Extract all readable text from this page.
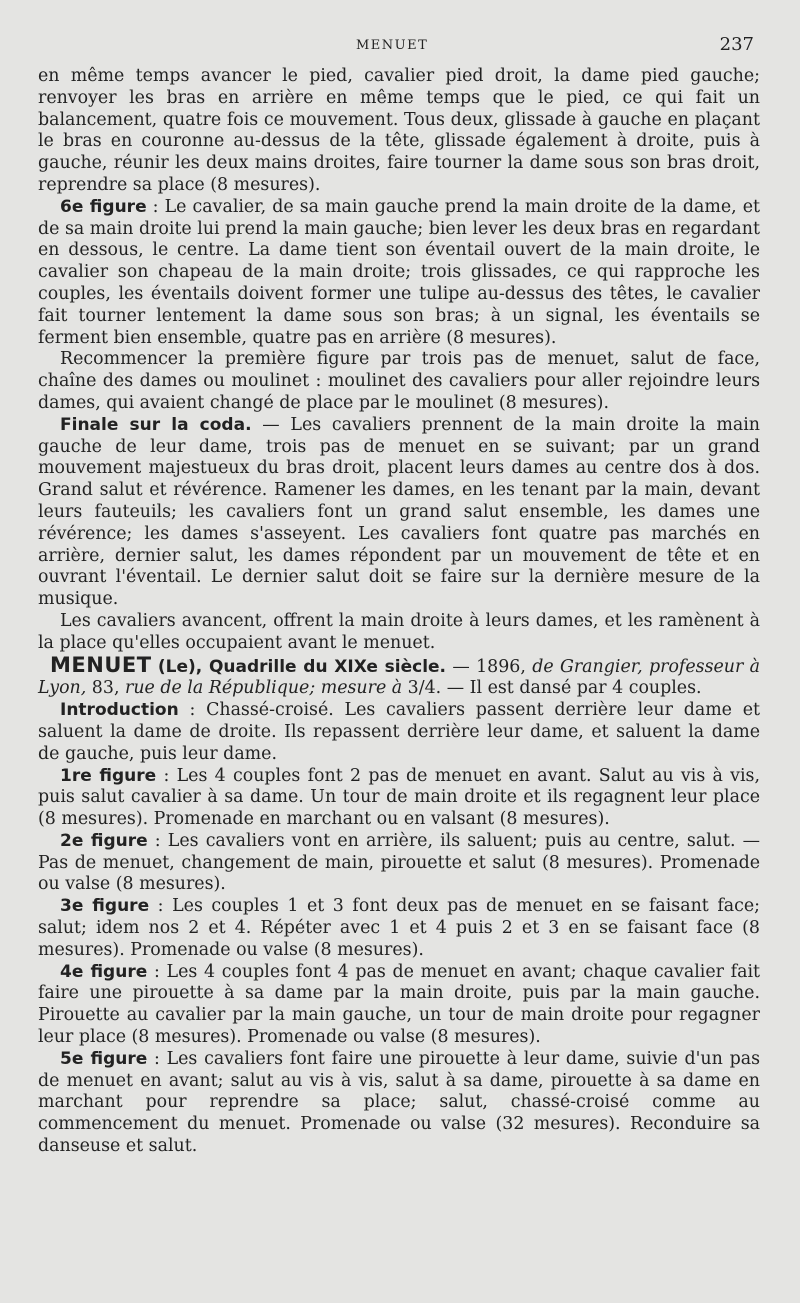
MENUET	237

en même temps avancer le pied, cavalier pied droit, la dame pied gauche; renvoyer les bras en arrière en même temps que le pied, ce qui fait un balancement, quatre fois ce mouvement. Tous deux, glissade à gauche en plaçant le bras en couronne au-dessus de la tête, glissade également à droite, puis à gauche, réunir les deux mains droites, faire tourner la dame sous son bras droit, reprendre sa place (8 mesures).

6e figure : Le cavalier, de sa main gauche prend la main droite de la dame, et de sa main droite lui prend la main gauche; bien lever les deux bras en regardant en dessous, le centre. La dame tient son éventail ouvert de la main droite, le cavalier son chapeau de la main droite; trois glissades, ce qui rapproche les couples, les éventails doivent former une tulipe au-dessus des têtes, le cavalier fait tourner lentement la dame sous son bras; à un signal, les éventails se ferment bien ensemble, quatre pas en arrière (8 mesures).

Recommencer la première figure par trois pas de menuet, salut de face, chaîne des dames ou moulinet : moulinet des cavaliers pour aller rejoindre leurs dames, qui avaient changé de place par le moulinet (8 mesures).

Finale sur la coda. — Les cavaliers prennent de la main droite la main gauche de leur dame, trois pas de menuet en se suivant; par un grand mouvement majestueux du bras droit, placent leurs dames au centre dos à dos. Grand salut et révérence. Ramener les dames, en les tenant par la main, devant leurs fauteuils; les cavaliers font un grand salut ensemble, les dames une révérence; les dames s'asseyent. Les cavaliers font quatre pas marchés en arrière, dernier salut, les dames répondent par un mouvement de tête et en ouvrant l'éventail. Le dernier salut doit se faire sur la dernière mesure de la musique.

Les cavaliers avancent, offrent la main droite à leurs dames, et les ramènent à la place qu'elles occupaient avant le menuet.

MENUET (Le), Quadrille du XIXe siècle. — 1896, de Grangier, professeur à Lyon, 83, rue de la République; mesure à 3/4. — Il est dansé par 4 couples.

Introduction : Chassé-croisé. Les cavaliers passent derrière leur dame et saluent la dame de droite. Ils repassent derrière leur dame, et saluent la dame de gauche, puis leur dame.

1re figure : Les 4 couples font 2 pas de menuet en avant. Salut au vis à vis, puis salut cavalier à sa dame. Un tour de main droite et ils regagnent leur place (8 mesures). Promenade en marchant ou en valsant (8 mesures).

2e figure : Les cavaliers vont en arrière, ils saluent; puis au centre, salut. — Pas de menuet, changement de main, pirouette et salut (8 mesures). Promenade ou valse (8 mesures).

3e figure : Les couples 1 et 3 font deux pas de menuet en se faisant face; salut; idem nos 2 et 4. Répéter avec 1 et 4 puis 2 et 3 en se faisant face (8 mesures). Promenade ou valse (8 mesures).

4e figure : Les 4 couples font 4 pas de menuet en avant; chaque cavalier fait faire une pirouette à sa dame par la main droite, puis par la main gauche. Pirouette au cavalier par la main gauche, un tour de main droite pour regagner leur place (8 mesures). Promenade ou valse (8 mesures).

5e figure : Les cavaliers font faire une pirouette à leur dame, suivie d'un pas de menuet en avant; salut au vis à vis, salut à sa dame, pirouette à sa dame en marchant pour reprendre sa place; salut, chassé-croisé comme au commencement du menuet. Promenade ou valse (32 mesures). Reconduire sa danseuse et salut.
